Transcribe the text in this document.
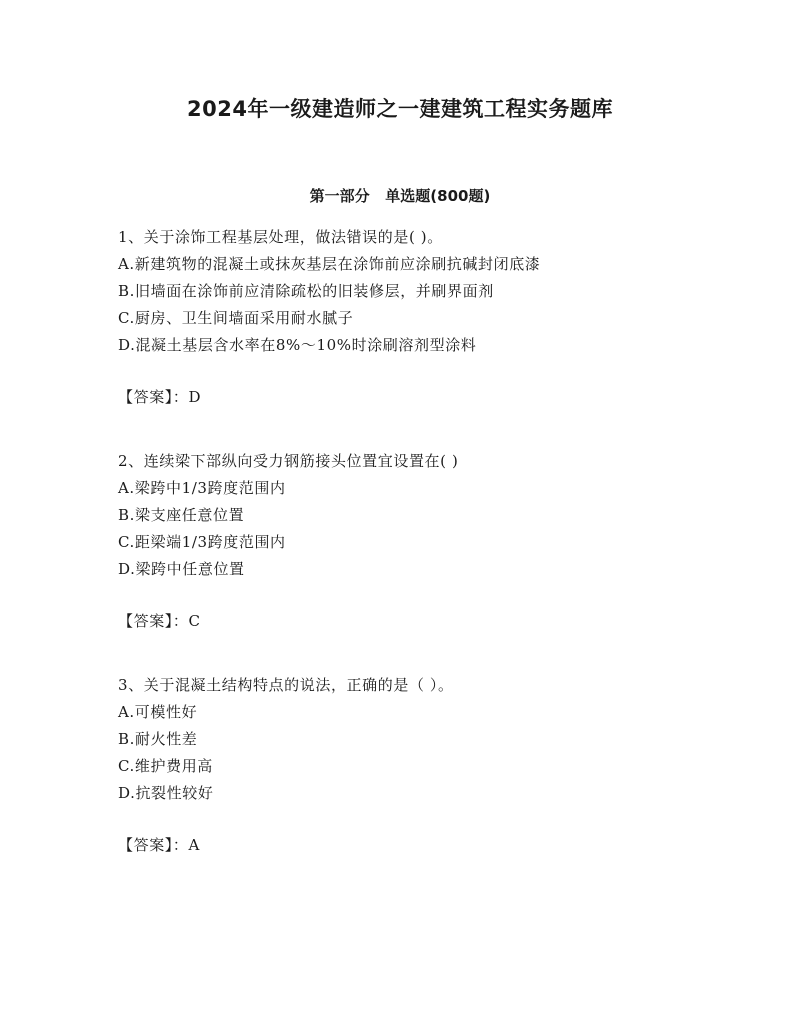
2024年一级建造师之一建建筑工程实务题库
第一部分   单选题(800题)
1、关于涂饰工程基层处理，做法错误的是( )。
A.新建筑物的混凝土或抹灰基层在涂饰前应涂刷抗碱封闭底漆
B.旧墙面在涂饰前应清除疏松的旧装修层，并刷界面剂
C.厨房、卫生间墙面采用耐水腻子
D.混凝土基层含水率在8%～10%时涂刷溶剂型涂料
【答案】：D
2、连续梁下部纵向受力钢筋接头位置宜设置在( )
A.梁跨中1/3跨度范围内
B.梁支座任意位置
C.距梁端1/3跨度范围内
D.梁跨中任意位置
【答案】：C
3、关于混凝土结构特点的说法，正确的是（ ）。
A.可模性好
B.耐火性差
C.维护费用高
D.抗裂性较好
【答案】：A
